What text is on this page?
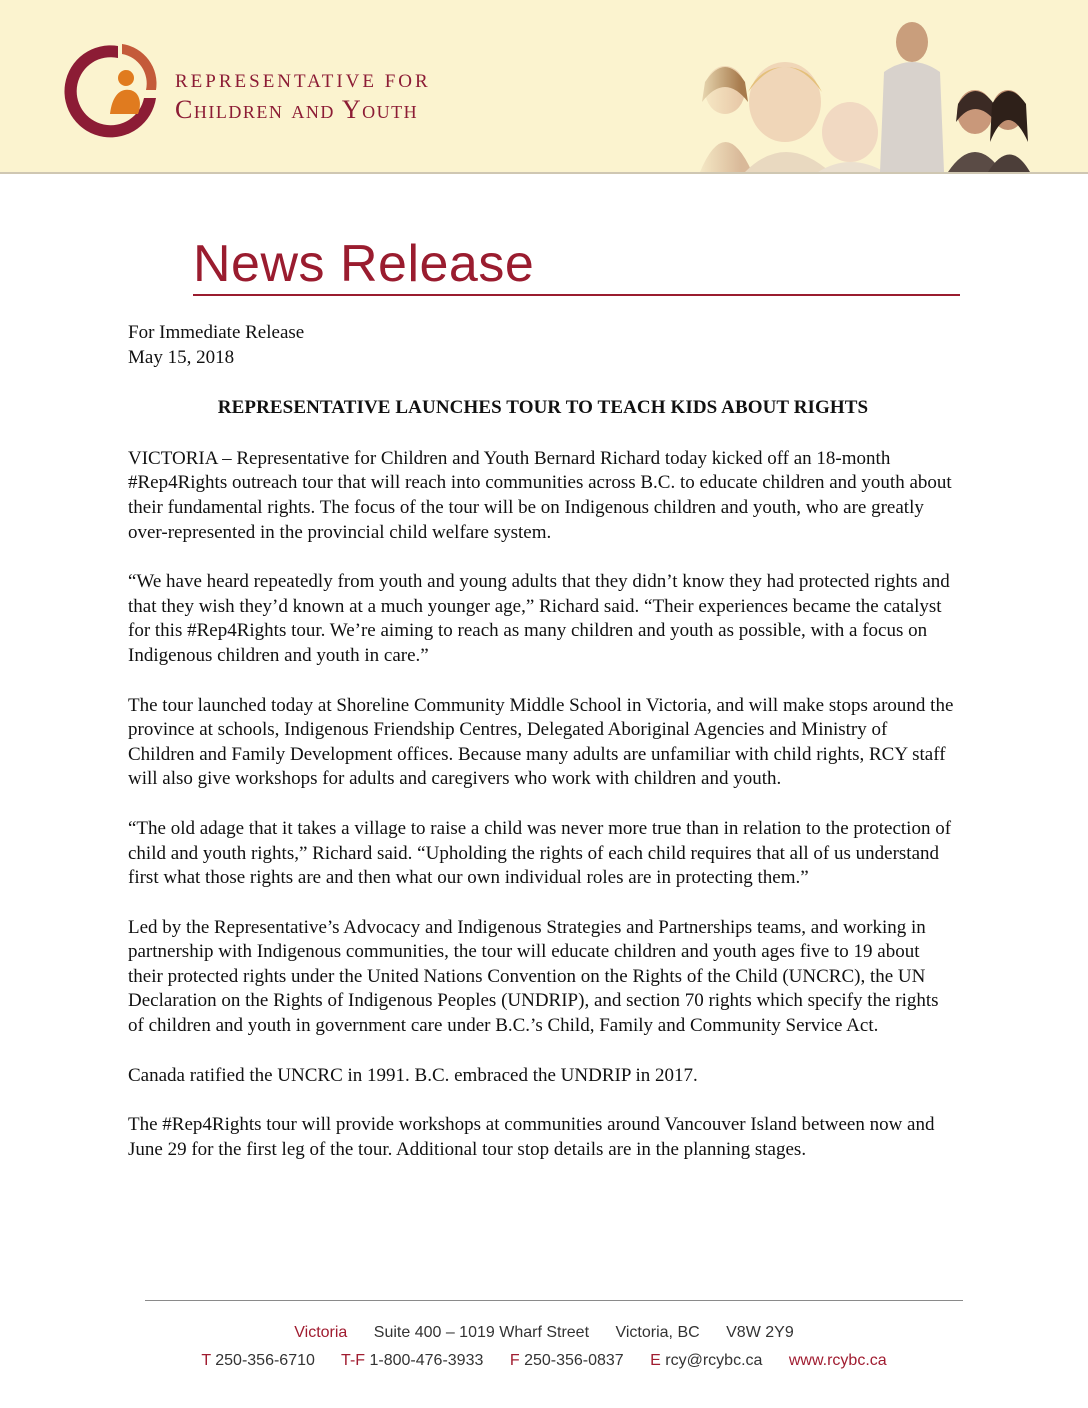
REPRESENTATIVE FOR
Children and Youth
News Release

For Immediate Release
May 15, 2018

REPRESENTATIVE LAUNCHES TOUR TO TEACH KIDS ABOUT RIGHTS

VICTORIA – Representative for Children and Youth Bernard Richard today kicked off an 18-month #Rep4Rights outreach tour that will reach into communities across B.C. to educate children and youth about their fundamental rights. The focus of the tour will be on Indigenous children and youth, who are greatly over-represented in the provincial child welfare system.

“We have heard repeatedly from youth and young adults that they didn’t know they had protected rights and that they wish they’d known at a much younger age,” Richard said. “Their experiences became the catalyst for this #Rep4Rights tour. We’re aiming to reach as many children and youth as possible, with a focus on Indigenous children and youth in care.”

The tour launched today at Shoreline Community Middle School in Victoria, and will make stops around the province at schools, Indigenous Friendship Centres, Delegated Aboriginal Agencies and Ministry of Children and Family Development offices. Because many adults are unfamiliar with child rights, RCY staff will also give workshops for adults and caregivers who work with children and youth.

“The old adage that it takes a village to raise a child was never more true than in relation to the protection of child and youth rights,” Richard said. “Upholding the rights of each child requires that all of us understand first what those rights are and then what our own individual roles are in protecting them.”

Led by the Representative’s Advocacy and Indigenous Strategies and Partnerships teams, and working in partnership with Indigenous communities, the tour will educate children and youth ages five to 19 about their protected rights under the United Nations Convention on the Rights of the Child (UNCRC), the UN Declaration on the Rights of Indigenous Peoples (UNDRIP), and section 70 rights which specify the rights of children and youth in government care under B.C.’s Child, Family and Community Service Act.

Canada ratified the UNCRC in 1991. B.C. embraced the UNDRIP in 2017.

The #Rep4Rights tour will provide workshops at communities around Vancouver Island between now and June 29 for the first leg of the tour. Additional tour stop details are in the planning stages.

Victoria Suite 400 – 1019 Wharf Street Victoria, BC V8W 2Y9
T 250-356-6710 T-F 1-800-476-3933 F 250-356-0837 E rcy@rcybc.ca www.rcybc.ca
